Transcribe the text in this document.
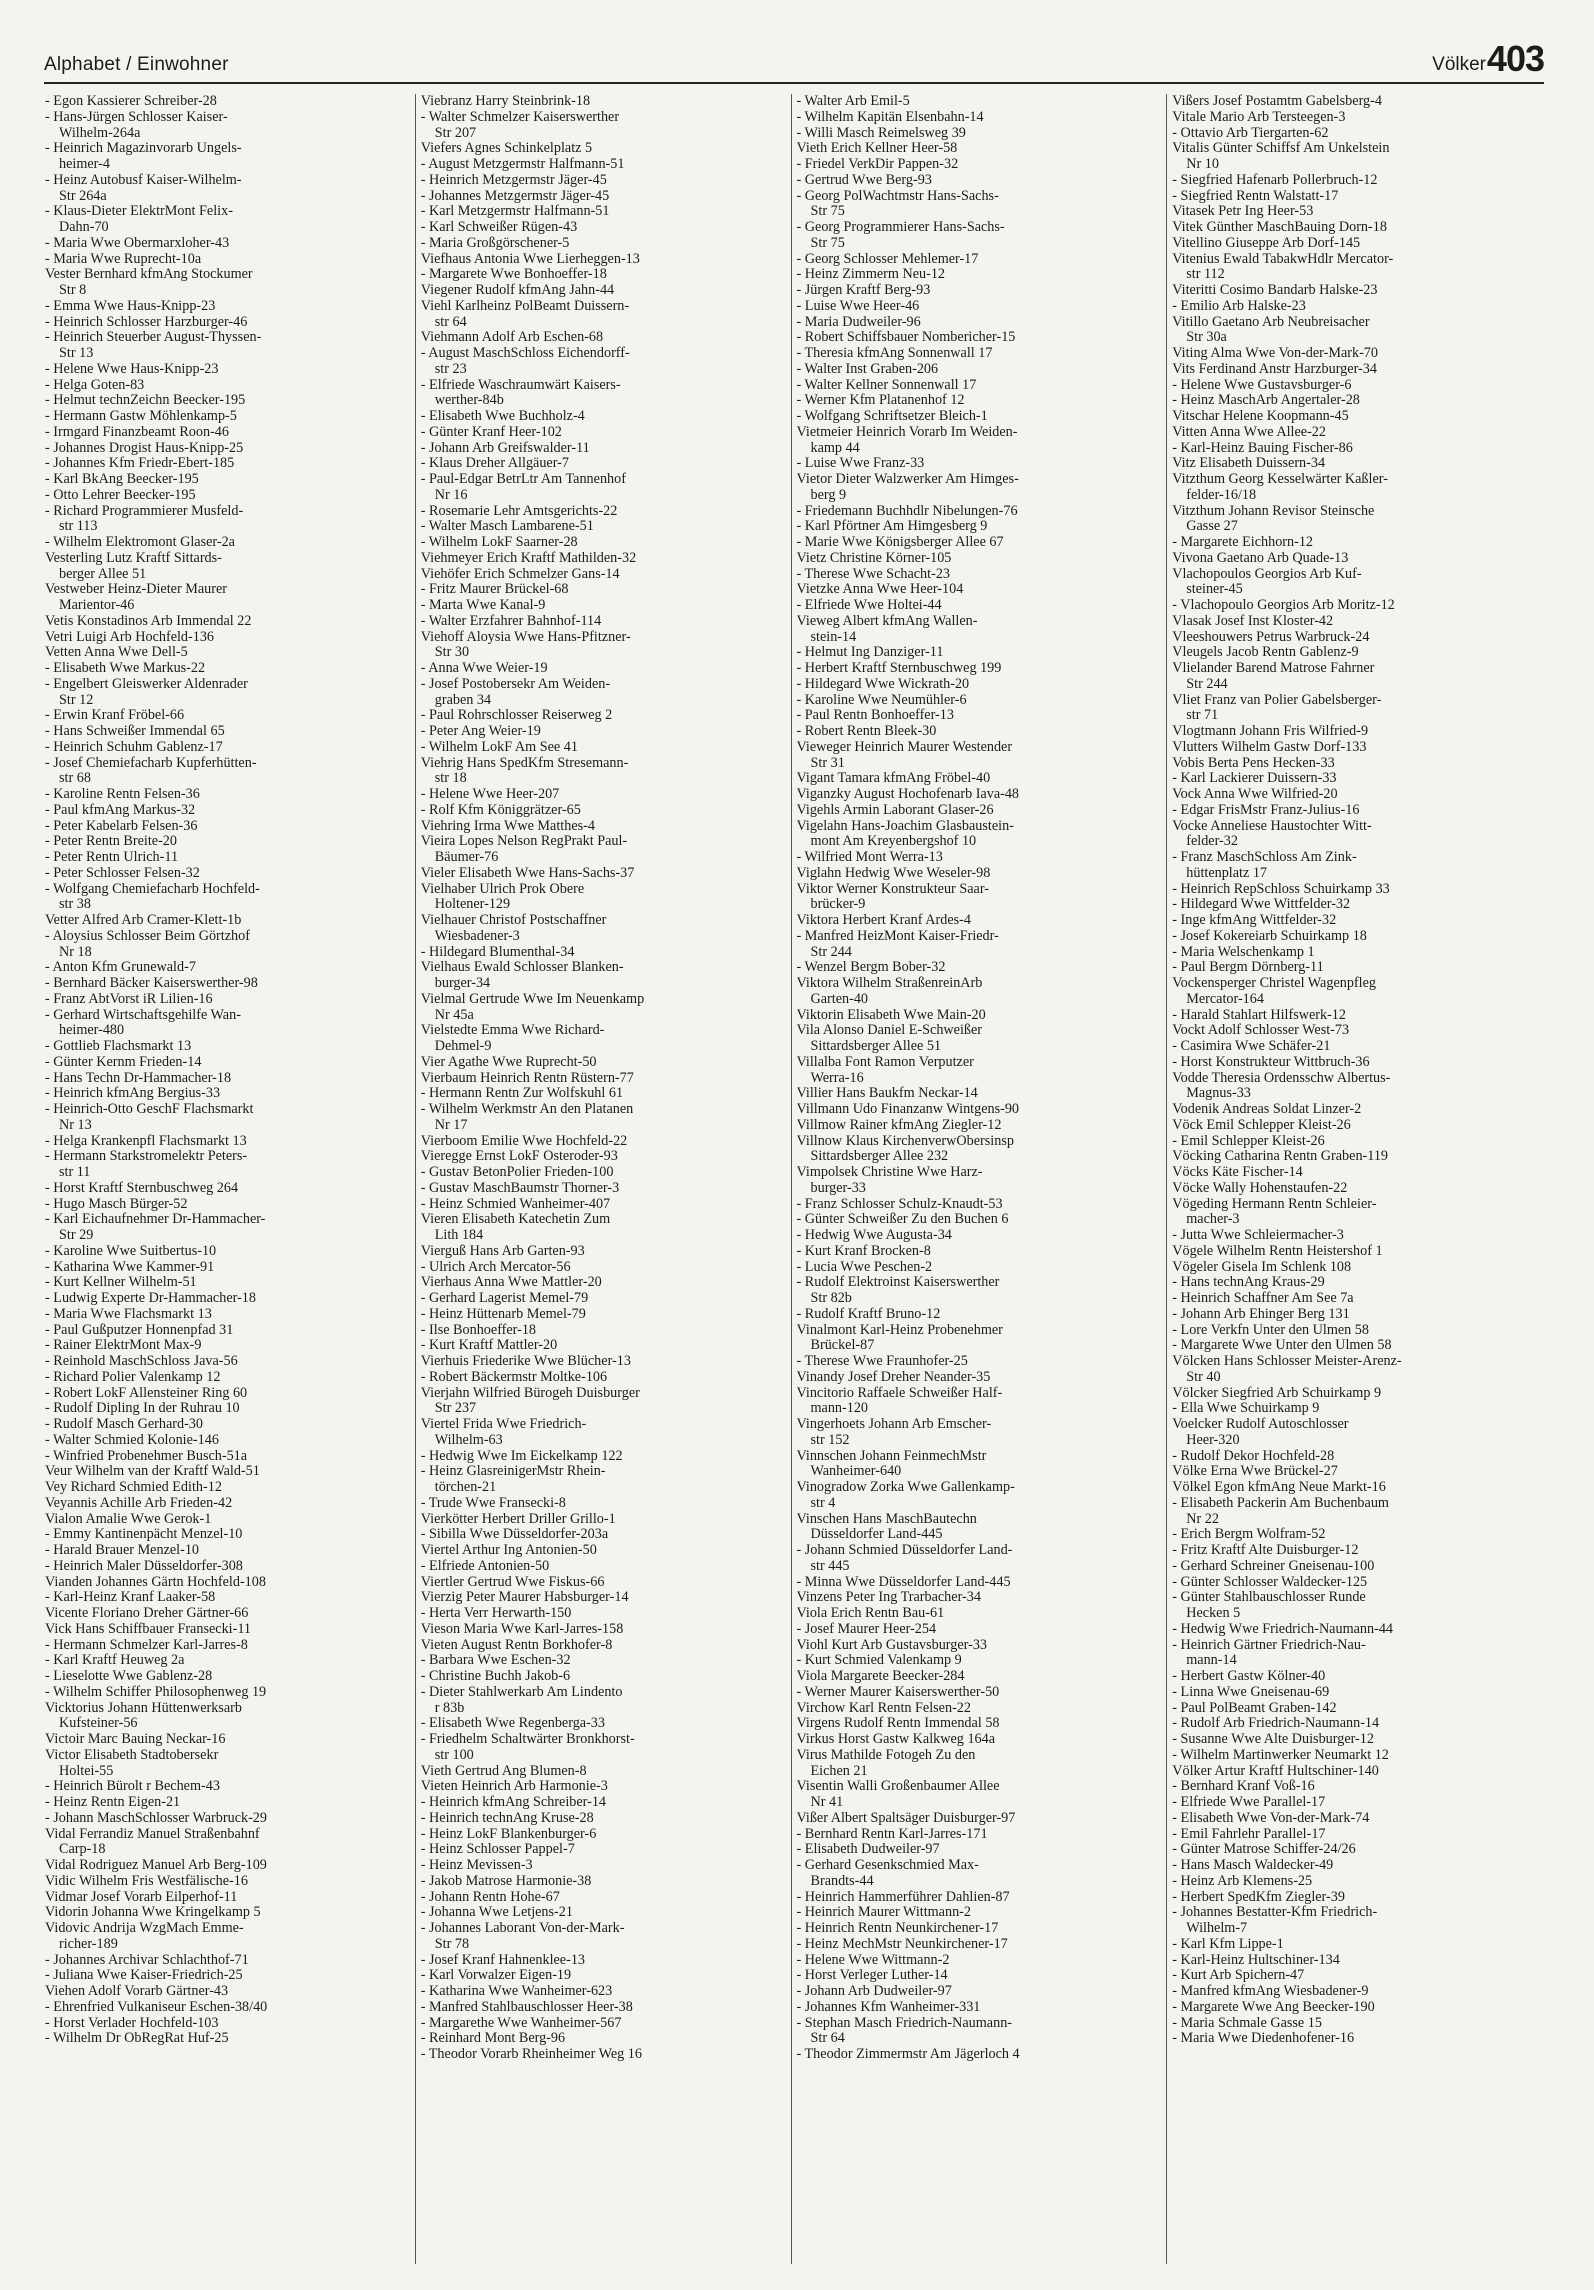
Alphabet / Einwohner	Völker 403
- Egon Kassierer Schreiber-28
- Hans-Jürgen Schlosser Kaiser-
Wilhelm-264a
- Heinrich Magazinvorarb Ungels-
heimer-4
- Heinz Autobusf Kaiser-Wilhelm-
Str 264a
- Klaus-Dieter ElektrMont Felix-
Dahn-70
- Maria Wwe Obermarxloher-43
- Maria Wwe Ruprecht-10a
Vester Bernhard kfmAng Stockumer
Str 8
- Emma Wwe Haus-Knipp-23
- Heinrich Schlosser Harzburger-46
- Heinrich Steuerber August-Thyssen-
Str 13
- Helene Wwe Haus-Knipp-23
- Helga Goten-83
- Helmut technZeichn Beecker-195
- Hermann Gastw Möhlenkamp-5
- Irmgard Finanzbeamt Roon-46
- Johannes Drogist Haus-Knipp-25
- Johannes Kfm Friedr-Ebert-185
- Karl BkAng Beecker-195
- Otto Lehrer Beecker-195
- Richard Programmierer Musfeld-
str 113
- Wilhelm Elektromont Glaser-2a
Vesterling Lutz Kraftf Sittards-
berger Allee 51
Vestweber Heinz-Dieter Maurer
Marientor-46
Vetis Konstadinos Arb Immendal 22
Vetri Luigi Arb Hochfeld-136
Vetten Anna Wwe Dell-5
- Elisabeth Wwe Markus-22
- Engelbert Gleiswerker Aldenrader
Str 12
- Erwin Kranf Fröbel-66
- Hans Schweißer Immendal 65
- Heinrich Schuhm Gablenz-17
- Josef Chemiefacharb Kupferhütten-
str 68
- Karoline Rentn Felsen-36
- Paul kfmAng Markus-32
- Peter Kabelarb Felsen-36
- Peter Rentn Breite-20
- Peter Rentn Ulrich-11
- Peter Schlosser Felsen-32
- Wolfgang Chemiefacharb Hochfeld-
str 38
Vetter Alfred Arb Cramer-Klett-1b
- Aloysius Schlosser Beim Görtzhof
Nr 18
- Anton Kfm Grunewald-7
- Bernhard Bäcker Kaiserswerther-98
- Franz AbtVorst iR Lilien-16
- Gerhard Wirtschaftsgehilfe Wan-
heimer-480
- Gottlieb Flachsmarkt 13
- Günter Kernm Frieden-14
- Hans Techn Dr-Hammacher-18
- Heinrich kfmAng Bergius-33
- Heinrich-Otto GeschF Flachsmarkt
Nr 13
- Helga Krankenpfl Flachsmarkt 13
- Hermann Starkstromelektr Peters-
str 11
- Horst Kraftf Sternbuschweg 264
- Hugo Masch Bürger-52
- Karl Eichaufnehmer Dr-Hammacher-
Str 29
- Karoline Wwe Suitbertus-10
- Katharina Wwe Kammer-91
- Kurt Kellner Wilhelm-51
- Ludwig Experte Dr-Hammacher-18
- Maria Wwe Flachsmarkt 13
- Paul Gußputzer Honnenpfad 31
- Rainer ElektrMont Max-9
- Reinhold MaschSchloss Java-56
- Richard Polier Valenkamp 12
- Robert LokF Allensteiner Ring 60
- Rudolf Dipling In der Ruhrau 10
- Rudolf Masch Gerhard-30
- Walter Schmied Kolonie-146
- Winfried Probenehmer Busch-51a
Veur Wilhelm van der Kraftf Wald-51
Vey Richard Schmied Edith-12
Veyannis Achille Arb Frieden-42
Vialon Amalie Wwe Gerok-1
- Emmy Kantinenpächt Menzel-10
- Harald Brauer Menzel-10
- Heinrich Maler Düsseldorfer-308
Vianden Johannes Gärtn Hochfeld-108
- Karl-Heinz Kranf Laaker-58
Vicente Floriano Dreher Gärtner-66
Vick Hans Schiffbauer Fransecki-11
- Hermann Schmelzer Karl-Jarres-8
- Karl Kraftf Heuweg 2a
- Lieselotte Wwe Gablenz-28
- Wilhelm Schiffer Philosophenweg 19
Vicktorius Johann Hüttenwerksarb
Kufsteiner-56
Victoir Marc Bauing Neckar-16
Victor Elisabeth Stadtobersekr
Holtei-55
- Heinrich Bürolt r Bechem-43
- Heinz Rentn Eigen-21
- Johann MaschSchlosser Warbruck-29
Vidal Ferrandiz Manuel Straßenbahnf
Carp-18
Vidal Rodriguez Manuel Arb Berg-109
Vidic Wilhelm Fris Westfälische-16
Vidmar Josef Vorarb Eilperhof-11
Vidorin Johanna Wwe Kringelkamp 5
Vidovic Andrija WzgMach Emme-
richer-189
- Johannes Archivar Schlachthof-71
- Juliana Wwe Kaiser-Friedrich-25
Viehen Adolf Vorarb Gärtner-43
- Ehrenfried Vulkaniseur Eschen-38/40
- Horst Verlader Hochfeld-103
- Wilhelm Dr ObRegRat Huf-25
Viebranz Harry Steinbrink-18
- Walter Schmelzer Kaiserswerther
Str 207
Viefers Agnes Schinkelplatz 5
- August Metzgermstr Halfmann-51
- Heinrich Metzgermstr Jäger-45
- Johannes Metzgermstr Jäger-45
- Karl Metzgermstr Halfmann-51
- Karl Schweißer Rügen-43
- Maria Großgörschener-5
Viefhaus Antonia Wwe Lierheggen-13
- Margarete Wwe Bonhoeffer-18
Viegener Rudolf kfmAng Jahn-44
Viehl Karlheinz PolBeamt Duissern-
str 64
Viehmann Adolf Arb Eschen-68
- August MaschSchloss Eichendorff-
str 23
- Elfriede Waschraumwärt Kaisers-
werther-84b
- Elisabeth Wwe Buchholz-4
- Günter Kranf Heer-102
- Johann Arb Greifswalder-11
- Klaus Dreher Allgäuer-7
- Paul-Edgar BetrLtr Am Tannenhof
Nr 16
- Rosemarie Lehr Amtsgerichts-22
- Walter Masch Lambarene-51
- Wilhelm LokF Saarner-28
Viehmeyer Erich Kraftf Mathilden-32
Viehöfer Erich Schmelzer Gans-14
- Fritz Maurer Brückel-68
- Marta Wwe Kanal-9
- Walter Erzfahrer Bahnhof-114
Viehoff Aloysia Wwe Hans-Pfitzner-
Str 30
- Anna Wwe Weier-19
- Josef Postobersekr Am Weiden-
graben 34
- Paul Rohrschlosser Reiserweg 2
- Peter Ang Weier-19
- Wilhelm LokF Am See 41
Viehrig Hans SpedKfm Stresemann-
str 18
- Helene Wwe Heer-207
- Rolf Kfm Königgrätzer-65
Viehring Irma Wwe Matthes-4
Vieira Lopes Nelson RegPrakt Paul-
Bäumer-76
Vieler Elisabeth Wwe Hans-Sachs-37
Vielhaber Ulrich Prok Obere
Holtener-129
Vielhauer Christof Postschaffner
Wiesbadener-3
- Hildegard Blumenthal-34
Vielhaus Ewald Schlosser Blanken-
burger-34
Vielmal Gertrude Wwe Im Neuenkamp
Nr 45a
Vielstedte Emma Wwe Richard-
Dehmel-9
Vier Agathe Wwe Ruprecht-50
Vierbaum Heinrich Rentn Rüstern-77
- Hermann Rentn Zur Wolfskuhl 61
- Wilhelm Werkmstr An den Platanen
Nr 17
Vierboom Emilie Wwe Hochfeld-22
Vieregge Ernst LokF Osteroder-93
- Gustav BetonPolier Frieden-100
- Gustav MaschBaumstr Thorner-3
- Heinz Schmied Wanheimer-407
Vieren Elisabeth Katechetin Zum
Lith 184
Vierguß Hans Arb Garten-93
- Ulrich Arch Mercator-56
Vierhaus Anna Wwe Mattler-20
- Gerhard Lagerist Memel-79
- Heinz Hüttenarb Memel-79
- Ilse Bonhoeffer-18
- Kurt Kraftf Mattler-20
Vierhuis Friederike Wwe Blücher-13
- Robert Bäckermstr Moltke-106
Vierjahn Wilfried Bürogeh Duisburger
Str 237
Viertel Frida Wwe Friedrich-
Wilhelm-63
- Hedwig Wwe Im Eickelkamp 122
- Heinz GlasreinigerMstr Rhein-
törchen-21
- Trude Wwe Fransecki-8
Vierkötter Herbert Driller Grillo-1
- Sibilla Wwe Düsseldorfer-203a
Viertel Arthur Ing Antonien-50
- Elfriede Antonien-50
Viertler Gertrud Wwe Fiskus-66
Vierzig Peter Maurer Habsburger-14
- Herta Verr Herwarth-150
Vieson Maria Wwe Karl-Jarres-158
Vieten August Rentn Borkhofer-8
- Barbara Wwe Eschen-32
- Christine Buchh Jakob-6
- Dieter Stahlwerkarb Am Lindento
r 83b
- Elisabeth Wwe Regenberga-33
- Friedhelm Schaltwärter Bronkhorst-
str 100
Vieth Gertrud Ang Blumen-8
Vieten Heinrich Arb Harmonie-3
- Heinrich kfmAng Schreiber-14
- Heinrich technAng Kruse-28
- Heinz LokF Blankenburger-6
- Heinz Schlosser Pappel-7
- Heinz Mevissen-3
- Jakob Matrose Harmonie-38
- Johann Rentn Hohe-67
- Johanna Wwe Letjens-21
- Johannes Laborant Von-der-Mark-
Str 78
- Josef Kranf Hahnenklee-13
- Karl Vorwalzer Eigen-19
- Katharina Wwe Wanheimer-623
- Manfred Stahlbauschlosser Heer-38
- Margarethe Wwe Wanheimer-567
- Reinhard Mont Berg-96
- Theodor Vorarb Rheinheimer Weg 16
- Walter Arb Emil-5
- Wilhelm Kapitän Elsenbahn-14
- Willi Masch Reimelsweg 39
Vieth Erich Kellner Heer-58
- Friedel VerkDir Pappen-32
- Gertrud Wwe Berg-93
- Georg PolWachtmstr Hans-Sachs-
Str 75
- Georg Programmierer Hans-Sachs-
Str 75
- Georg Schlosser Mehlemer-17
- Heinz Zimmerm Neu-12
- Jürgen Kraftf Berg-93
- Luise Wwe Heer-46
- Maria Dudweiler-96
- Robert Schiffsbauer Nombericher-15
- Theresia kfmAng Sonnenwall 17
- Walter Inst Graben-206
- Walter Kellner Sonnenwall 17
- Werner Kfm Platanenhof 12
- Wolfgang Schriftsetzer Bleich-1
Vietmeier Heinrich Vorarb Im Weiden-
kamp 44
- Luise Wwe Franz-33
Vietor Dieter Walzwerker Am Himges-
berg 9
- Friedemann Buchhdlr Nibelungen-76
- Karl Pförtner Am Himgesberg 9
- Marie Wwe Königsberger Allee 67
Vietz Christine Körner-105
- Therese Wwe Schacht-23
Vietzke Anna Wwe Heer-104
- Elfriede Wwe Holtei-44
Vieweg Albert kfmAng Wallen-
stein-14
- Helmut Ing Danziger-11
- Herbert Kraftf Sternbuschweg 199
- Hildegard Wwe Wickrath-20
- Karoline Wwe Neumühler-6
- Paul Rentn Bonhoeffer-13
- Robert Rentn Bleek-30
Vieweger Heinrich Maurer Westender
Str 31
Vigant Tamara kfmAng Fröbel-40
Viganzky August Hochofenarb Iava-48
Vigehls Armin Laborant Glaser-26
Vigelahn Hans-Joachim Glasbaustein-
mont Am Kreyenbergshof 10
- Wilfried Mont Werra-13
Viglahn Hedwig Wwe Weseler-98
Viktor Werner Konstrukteur Saar-
brücker-9
Viktora Herbert Kranf Ardes-4
- Manfred HeizMont Kaiser-Friedr-
Str 244
- Wenzel Bergm Bober-32
Viktora Wilhelm StraßenreinArb
Garten-40
Viktorin Elisabeth Wwe Main-20
Vila Alonso Daniel E-Schweißer
Sittardsberger Allee 51
Villalba Font Ramon Verputzer
Werra-16
Villier Hans Baukfm Neckar-14
Villmann Udo Finanzanw Wintgens-90
Villmow Rainer kfmAng Ziegler-12
Villnow Klaus KirchenverwObersinsp
Sittardsberger Allee 232
Vimpolsek Christine Wwe Harz-
burger-33
- Franz Schlosser Schulz-Knaudt-53
- Günter Schweißer Zu den Buchen 6
- Hedwig Wwe Augusta-34
- Kurt Kranf Brocken-8
- Lucia Wwe Peschen-2
- Rudolf Elektroinst Kaiserswerther
Str 82b
- Rudolf Kraftf Bruno-12
Vinalmont Karl-Heinz Probenehmer
Brückel-87
- Therese Wwe Fraunhofer-25
Vinandy Josef Dreher Neander-35
Vincitorio Raffaele Schweißer Half-
mann-120
Vingerhoets Johann Arb Emscher-
str 152
Vinnschen Johann FeinmechMstr
Wanheimer-640
Vinogradow Zorka Wwe Gallenkamp-
str 4
Vinschen Hans MaschBautechn
Düsseldorfer Land-445
- Johann Schmied Düsseldorfer Land-
str 445
- Minna Wwe Düsseldorfer Land-445
Vinzens Peter Ing Trarbacher-34
Viola Erich Rentn Bau-61
- Josef Maurer Heer-254
Viohl Kurt Arb Gustavsburger-33
- Kurt Schmied Valenkamp 9
Viola Margarete Beecker-284
- Werner Maurer Kaiserswerther-50
Virchow Karl Rentn Felsen-22
Virgens Rudolf Rentn Immendal 58
Virkus Horst Gastw Kalkweg 164a
Virus Mathilde Fotogeh Zu den
Eichen 21
Visentin Walli Großenbaumer Allee
Nr 41
Vißer Albert Spaltsäger Duisburger-97
- Bernhard Rentn Karl-Jarres-171
- Elisabeth Dudweiler-97
- Gerhard Gesenkschmied Max-
Brandts-44
- Heinrich Hammerführer Dahlien-87
- Heinrich Maurer Wittmann-2
- Heinrich Rentn Neunkirchener-17
- Heinz MechMstr Neunkirchener-17
- Helene Wwe Wittmann-2
- Horst Verleger Luther-14
- Johann Arb Dudweiler-97
- Johannes Kfm Wanheimer-331
- Stephan Masch Friedrich-Naumann-
Str 64
- Theodor Zimmermstr Am Jägerloch 4
Vißers Josef Postamtm Gabelsberg-4
Vitale Mario Arb Tersteegen-3
- Ottavio Arb Tiergarten-62
Vitalis Günter Schiffsf Am Unkelstein
Nr 10
- Siegfried Hafenarb Pollerbruch-12
- Siegfried Rentn Walstatt-17
Vitasek Petr Ing Heer-53
Vitek Günther MaschBauing Dorn-18
Vitellino Giuseppe Arb Dorf-145
Vitenius Ewald TabakwHdlr Mercator-
str 112
Viteritti Cosimo Bandarb Halske-23
- Emilio Arb Halske-23
Vitillo Gaetano Arb Neubreisacher
Str 30a
Viting Alma Wwe Von-der-Mark-70
Vits Ferdinand Anstr Harzburger-34
- Helene Wwe Gustavsburger-6
- Heinz MaschArb Angertaler-28
Vitschar Helene Koopmann-45
Vitten Anna Wwe Allee-22
- Karl-Heinz Bauing Fischer-86
Vitz Elisabeth Duissern-34
Vitzthum Georg Kesselwärter Kaßler-
felder-16/18
Vitzthum Johann Revisor Steinsche
Gasse 27
- Margarete Eichhorn-12
Vivona Gaetano Arb Quade-13
Vlachopoulos Georgios Arb Kuf-
steiner-45
- Vlachopoulo Georgios Arb Moritz-12
Vlasak Josef Inst Kloster-42
Vleeshouwers Petrus Warbruck-24
Vleugels Jacob Rentn Gablenz-9
Vlielander Barend Matrose Fahrner
Str 244
Vliet Franz van Polier Gabelsberger-
str 71
Vlogtmann Johann Fris Wilfried-9
Vlutters Wilhelm Gastw Dorf-133
Vobis Berta Pens Hecken-33
- Karl Lackierer Duissern-33
Vock Anna Wwe Wilfried-20
- Edgar FrisMstr Franz-Julius-16
Vocke Anneliese Haustochter Witt-
felder-32
- Franz MaschSchloss Am Zink-
hüttenplatz 17
- Heinrich RepSchloss Schuirkamp 33
- Hildegard Wwe Wittfelder-32
- Inge kfmAng Wittfelder-32
- Josef Kokereiarb Schuirkamp 18
- Maria Welschenkamp 1
- Paul Bergm Dörnberg-11
Vockensperger Christel Wagenpfleg
Mercator-164
- Harald Stahlart Hilfswerk-12
Vockt Adolf Schlosser West-73
- Casimira Wwe Schäfer-21
- Horst Konstrukteur Wittbruch-36
Vodde Theresia Ordensschw Albertus-
Magnus-33
Vodenik Andreas Soldat Linzer-2
Vöck Emil Schlepper Kleist-26
- Emil Schlepper Kleist-26
Vöcking Catharina Rentn Graben-119
Vöcks Käte Fischer-14
Vöcke Wally Hohenstaufen-22
Vögeding Hermann Rentn Schleier-
macher-3
- Jutta Wwe Schleiermacher-3
Vögele Wilhelm Rentn Heistershof 1
Vögeler Gisela Im Schlenk 108
- Hans technAng Kraus-29
- Heinrich Schaffner Am See 7a
- Johann Arb Ehinger Berg 131
- Lore Verkfn Unter den Ulmen 58
- Margarete Wwe Unter den Ulmen 58
Völcken Hans Schlosser Meister-Arenz-
Str 40
Völcker Siegfried Arb Schuirkamp 9
- Ella Wwe Schuirkamp 9
Voelcker Rudolf Autoschlosser
Heer-320
- Rudolf Dekor Hochfeld-28
Völke Erna Wwe Brückel-27
Völkel Egon kfmAng Neue Markt-16
- Elisabeth Packerin Am Buchenbaum
Nr 22
- Erich Bergm Wolfram-52
- Fritz Kraftf Alte Duisburger-12
- Gerhard Schreiner Gneisenau-100
- Günter Schlosser Waldecker-125
- Günter Stahlbauschlosser Runde
Hecken 5
- Hedwig Wwe Friedrich-Naumann-44
- Heinrich Gärtner Friedrich-Nau-
mann-14
- Herbert Gastw Kölner-40
- Linna Wwe Gneisenau-69
- Paul PolBeamt Graben-142
- Rudolf Arb Friedrich-Naumann-14
- Susanne Wwe Alte Duisburger-12
- Wilhelm Martinwerker Neumarkt 12
Völker Artur Kraftf Hultschiner-140
- Bernhard Kranf Voß-16
- Elfriede Wwe Parallel-17
- Elisabeth Wwe Von-der-Mark-74
- Emil Fahrlehr Parallel-17
- Günter Matrose Schiffer-24/26
- Hans Masch Waldecker-49
- Heinz Arb Klemens-25
- Herbert SpedKfm Ziegler-39
- Johannes Bestatter-Kfm Friedrich-
Wilhelm-7
- Karl Kfm Lippe-1
- Karl-Heinz Hultschiner-134
- Kurt Arb Spichern-47
- Manfred kfmAng Wiesbadener-9
- Margarete Wwe Ang Beecker-190
- Maria Schmale Gasse 15
- Maria Wwe Diedenhofener-16
